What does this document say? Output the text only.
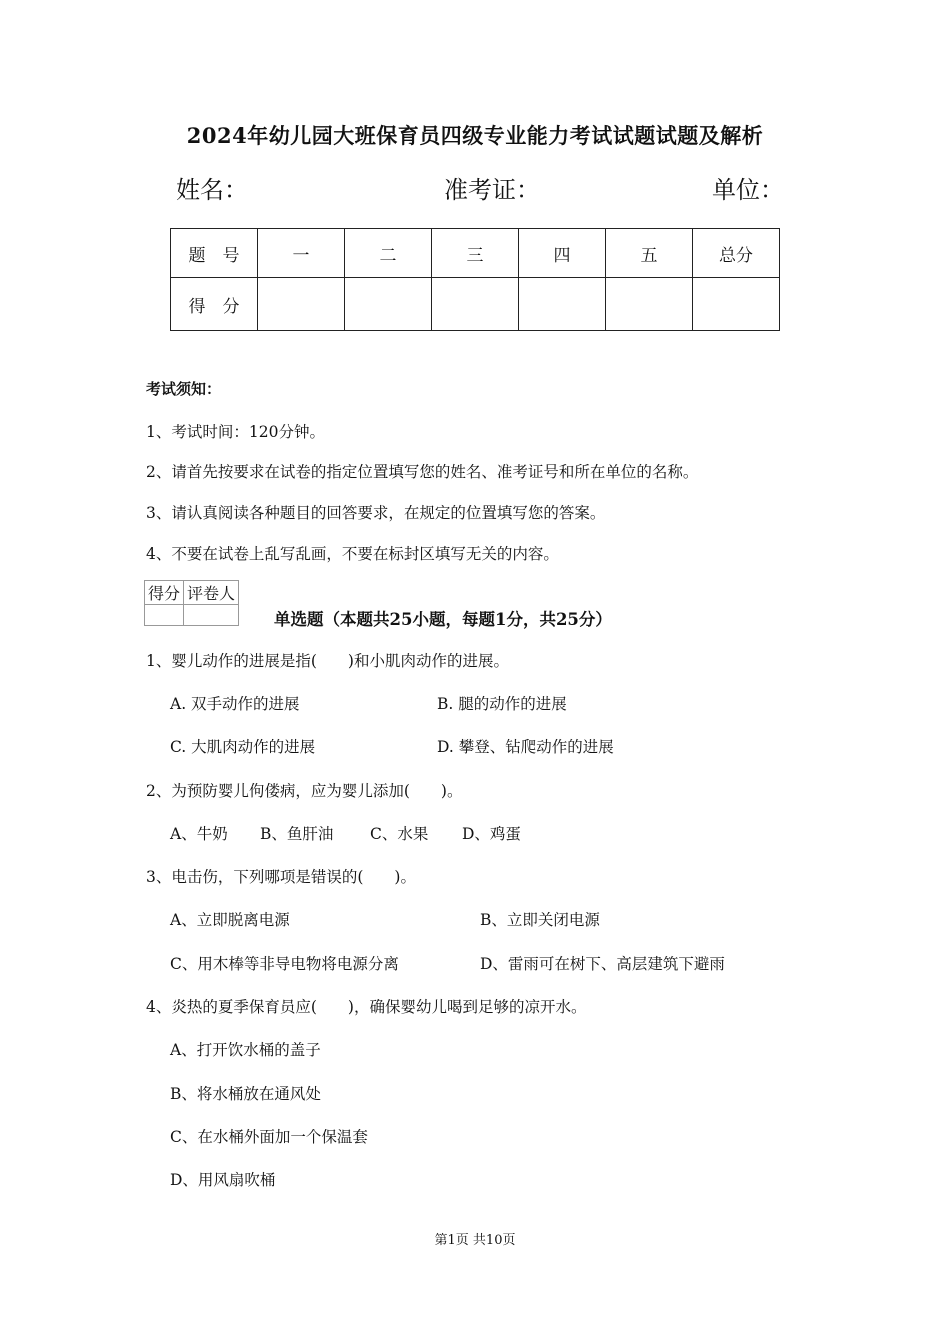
2024年幼儿园大班保育员四级专业能力考试试题试题及解析
姓名：	准考证：	单位：
题　号	一	二	三	四	五	总分
得　分						
考试须知：
1、考试时间：120分钟。
2、请首先按要求在试卷的指定位置填写您的姓名、准考证号和所在单位的名称。
3、请认真阅读各种题目的回答要求，在规定的位置填写您的答案。
4、不要在试卷上乱写乱画，不要在标封区填写无关的内容。
得分	评卷人

单选题（本题共25小题，每题1分，共25分）
1、婴儿动作的进展是指(　　)和小肌肉动作的进展。
A. 双手动作的进展	B. 腿的动作的进展
C. 大肌肉动作的进展	D. 攀登、钻爬动作的进展
2、为预防婴儿佝偻病，应为婴儿添加(　　)。
A、牛奶 B、鱼肝油 C、水果 D、鸡蛋
3、电击伤，下列哪项是错误的(　　)。
A、立即脱离电源	B、立即关闭电源
C、用木棒等非导电物将电源分离	D、雷雨可在树下、高层建筑下避雨
4、炎热的夏季保育员应(　　)，确保婴幼儿喝到足够的凉开水。
A、打开饮水桶的盖子
B、将水桶放在通风处
C、在水桶外面加一个保温套
D、用风扇吹桶
第1页 共10页
